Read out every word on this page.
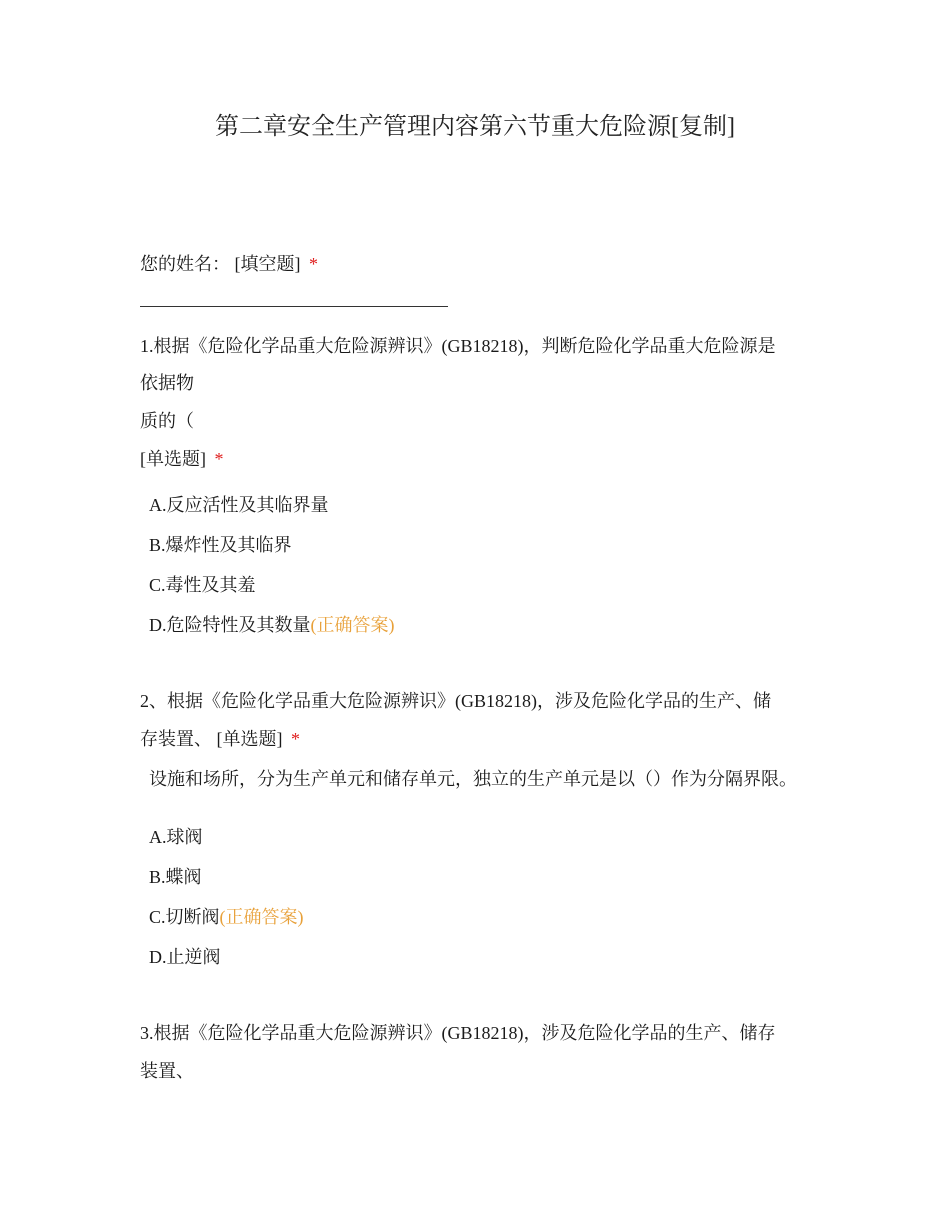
第二章安全生产管理内容第六节重大危险源[复制]
您的姓名： [填空题] *
1.根据《危险化学品重大危险源辨识》(GB18218)，判断危险化学品重大危险源是
依据物
质的（
[单选题] *
A.反应活性及其临界量
B.爆炸性及其临界
C.毒性及其羞
D.危险特性及其数量(正确答案)
2、根据《危险化学品重大危险源辨识》(GB18218)，涉及危险化学品的生产、储
存装置、 [单选题] *
设施和场所，分为生产单元和储存单元，独立的生产单元是以（）作为分隔界限。
A.球阀
B.蝶阀
C.切断阀(正确答案)
D.止逆阀
3.根据《危险化学品重大危险源辨识》(GB18218)，涉及危险化学品的生产、储存
装置、
